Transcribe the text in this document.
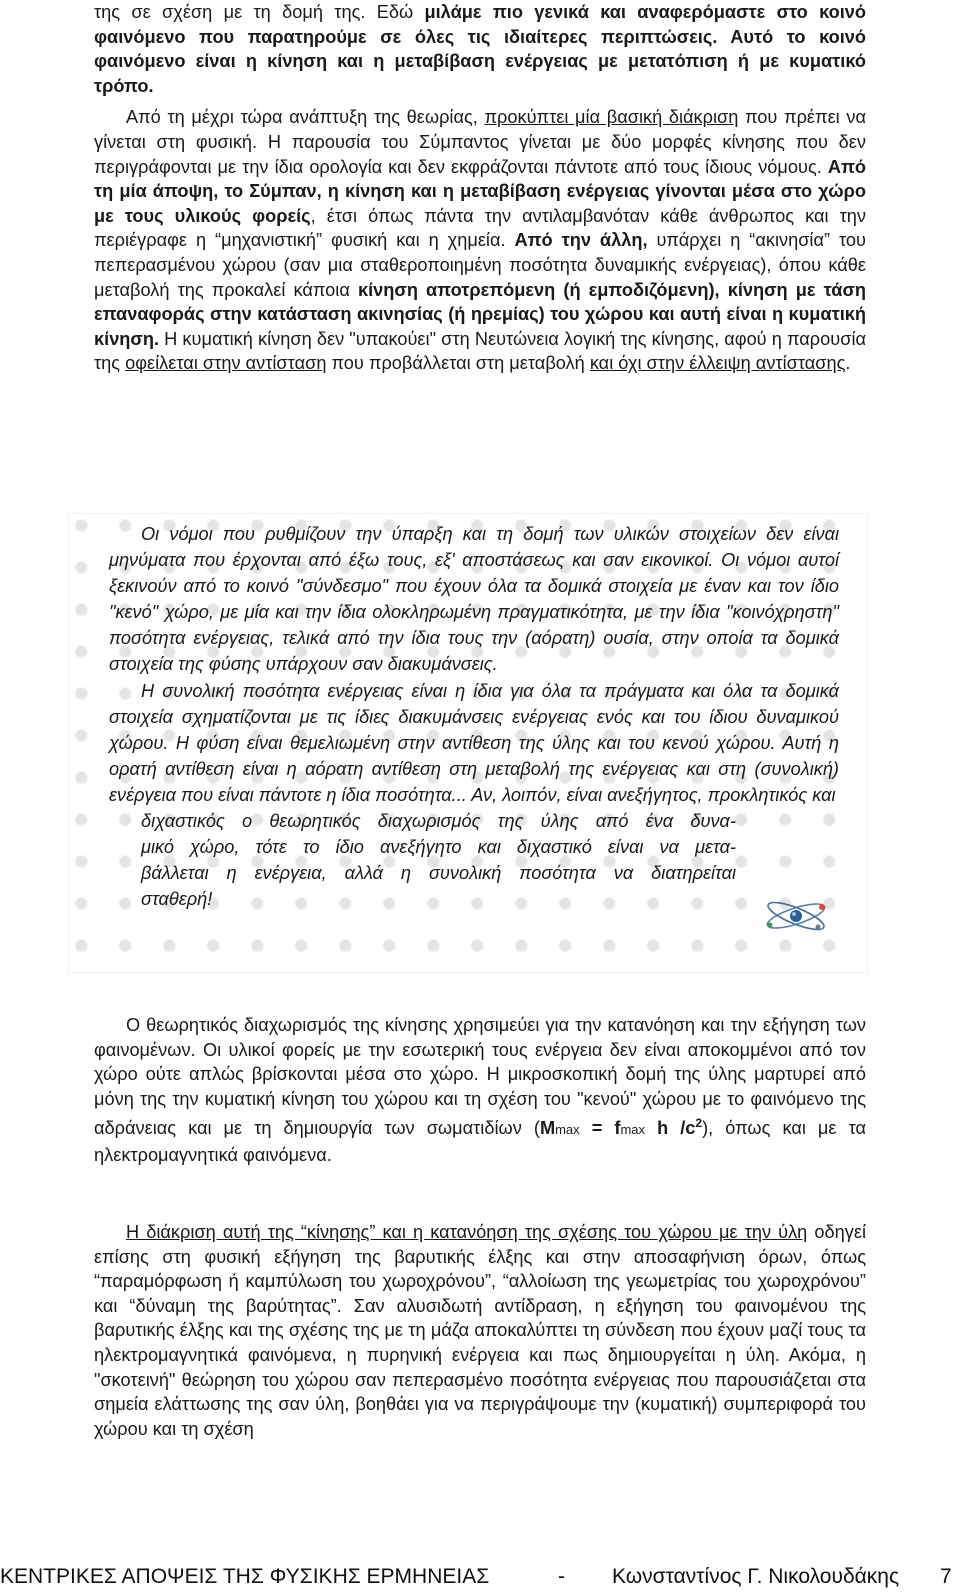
της σε σχέση με τη δομή της. Εδώ μιλάμε πιο γενικά και αναφερόμαστε στο κοινό φαινόμενο που παρατηρούμε σε όλες τις ιδιαίτερες περιπτώσεις. Αυτό το κοινό φαινόμενο είναι η κίνηση και η μεταβίβαση ενέργειας με μετατόπιση ή με κυματικό τρόπο.

Από τη μέχρι τώρα ανάπτυξη της θεωρίας, προκύπτει μία βασική διάκριση που πρέπει να γίνεται στη φυσική. Η παρουσία του Σύμπαντος γίνεται με δύο μορφές κίνησης που δεν περιγράφονται με την ίδια ορολογία και δεν εκφράζονται πάντοτε από τους ίδιους νόμους. Από τη μία άποψη, το Σύμπαν, η κίνηση και η μεταβίβαση ενέργειας γίνονται μέσα στο χώρο με τους υλικούς φορείς, έτσι όπως πάντα την αντιλαμβανόταν κάθε άνθρωπος και την περιέγραφε η “μηχανιστική” φυσική και η χημεία. Από την άλλη, υπάρχει η “ακινησία” του πεπερασμένου χώρου (σαν μια σταθεροποιημένη ποσότητα δυναμικής ενέργειας), όπου κάθε μεταβολή της προκαλεί κάποια κίνηση αποτρεπόμενη (ή εμποδιζόμενη), κίνηση με τάση επαναφοράς στην κατάσταση ακινησίας (ή ηρεμίας) του χώρου και αυτή είναι η κυματική κίνηση. Η κυματική κίνηση δεν "υπακούει" στη Νευτώνεια λογική της κίνησης, αφού η παρουσία της οφείλεται στην αντίσταση που προβάλλεται στη μεταβολή και όχι στην έλλειψη αντίστασης.

Οι νόμοι που ρυθμίζουν την ύπαρξη και τη δομή των υλικών στοιχείων δεν είναι μηνύματα που έρχονται από έξω τους, εξ' αποστάσεως και σαν εικονικοί. Οι νόμοι αυτοί ξεκινούν από το κοινό "σύνδεσμο" που έχουν όλα τα δομικά στοιχεία με έναν και τον ίδιο "κενό" χώρο, με μία και την ίδια ολοκληρωμένη πραγματικότητα, με την ίδια "κοινόχρηστη" ποσότητα ενέργειας, τελικά από την ίδια τους την (αόρατη) ουσία, στην οποία τα δομικά στοιχεία της φύσης υπάρχουν σαν διακυμάνσεις.

Η συνολική ποσότητα ενέργειας είναι η ίδια για όλα τα πράγματα και όλα τα δομικά στοιχεία σχηματίζονται με τις ίδιες διακυμάνσεις ενέργειας ενός και του ίδιου δυναμικού χώρου. Η φύση είναι θεμελιωμένη στην αντίθεση της ύλης και του κενού χώρου. Αυτή η ορατή αντίθεση είναι η αόρατη αντίθεση στη μεταβολή της ενέργειας και στη (συνολική) ενέργεια που είναι πάντοτε η ίδια ποσότητα... Αν, λοιπόν, είναι ανεξήγητος, προκλητικός και
διχαστικός ο θεωρητικός διαχωρισμός της ύλης από ένα δυνα-
μικό χώρο, τότε το ίδιο ανεξήγητο και διχαστικό είναι να μετα-
βάλλεται η ενέργεια, αλλά η συνολική ποσότητα να διατηρείται
σταθερή!

Ο θεωρητικός διαχωρισμός της κίνησης χρησιμεύει για την κατανόηση και την εξήγηση των φαινομένων. Οι υλικοί φορείς με την εσωτερική τους ενέργεια δεν είναι αποκομμένοι από τον χώρο ούτε απλώς βρίσκονται μέσα στο χώρο. Η μικροσκοπική δομή της ύλης μαρτυρεί από μόνη της την κυματική κίνηση του χώρου και τη σχέση του "κενού" χώρου με το φαινόμενο της αδράνειας και με τη δημιουργία των σωματιδίων (Mmax = fmax h $/c^2$), όπως και με τα ηλεκτρομαγνητικά φαινόμενα.

Η διάκριση αυτή της “κίνησης” και η κατανόηση της σχέσης του χώρου με την ύλη οδηγεί επίσης στη φυσική εξήγηση της βαρυτικής έλξης και στην αποσαφήνιση όρων, όπως “παραμόρφωση ή καμπύλωση του χωροχρόνου”, “αλλοίωση της γεωμετρίας του χωροχρόνου” και “δύναμη της βαρύτητας”. Σαν αλυσιδωτή αντίδραση, η εξήγηση του φαινομένου της βαρυτικής έλξης και της σχέσης της με τη μάζα αποκαλύπτει τη σύνδεση που έχουν μαζί τους τα ηλεκτρομαγνητικά φαινόμενα, η πυρηνική ενέργεια και πως δημιουργείται η ύλη. Ακόμα, η "σκοτεινή" θεώρηση του χώρου σαν πεπερασμένο ποσότητα ενέργειας που παρουσιάζεται στα σημεία ελάττωσης της σαν ύλη, βοηθάει για να περιγράψουμε την (κυματική) συμπεριφορά του χώρου και τη σχέση

ΚΕΝΤΡΙΚΕΣ ΑΠΟΨΕΙΣ ΤΗΣ ΦΥΣΙΚΗΣ ΕΡΜΗΝΕΙΑΣ	- Κωνσταντίνος Γ. Νικολουδάκης 7
